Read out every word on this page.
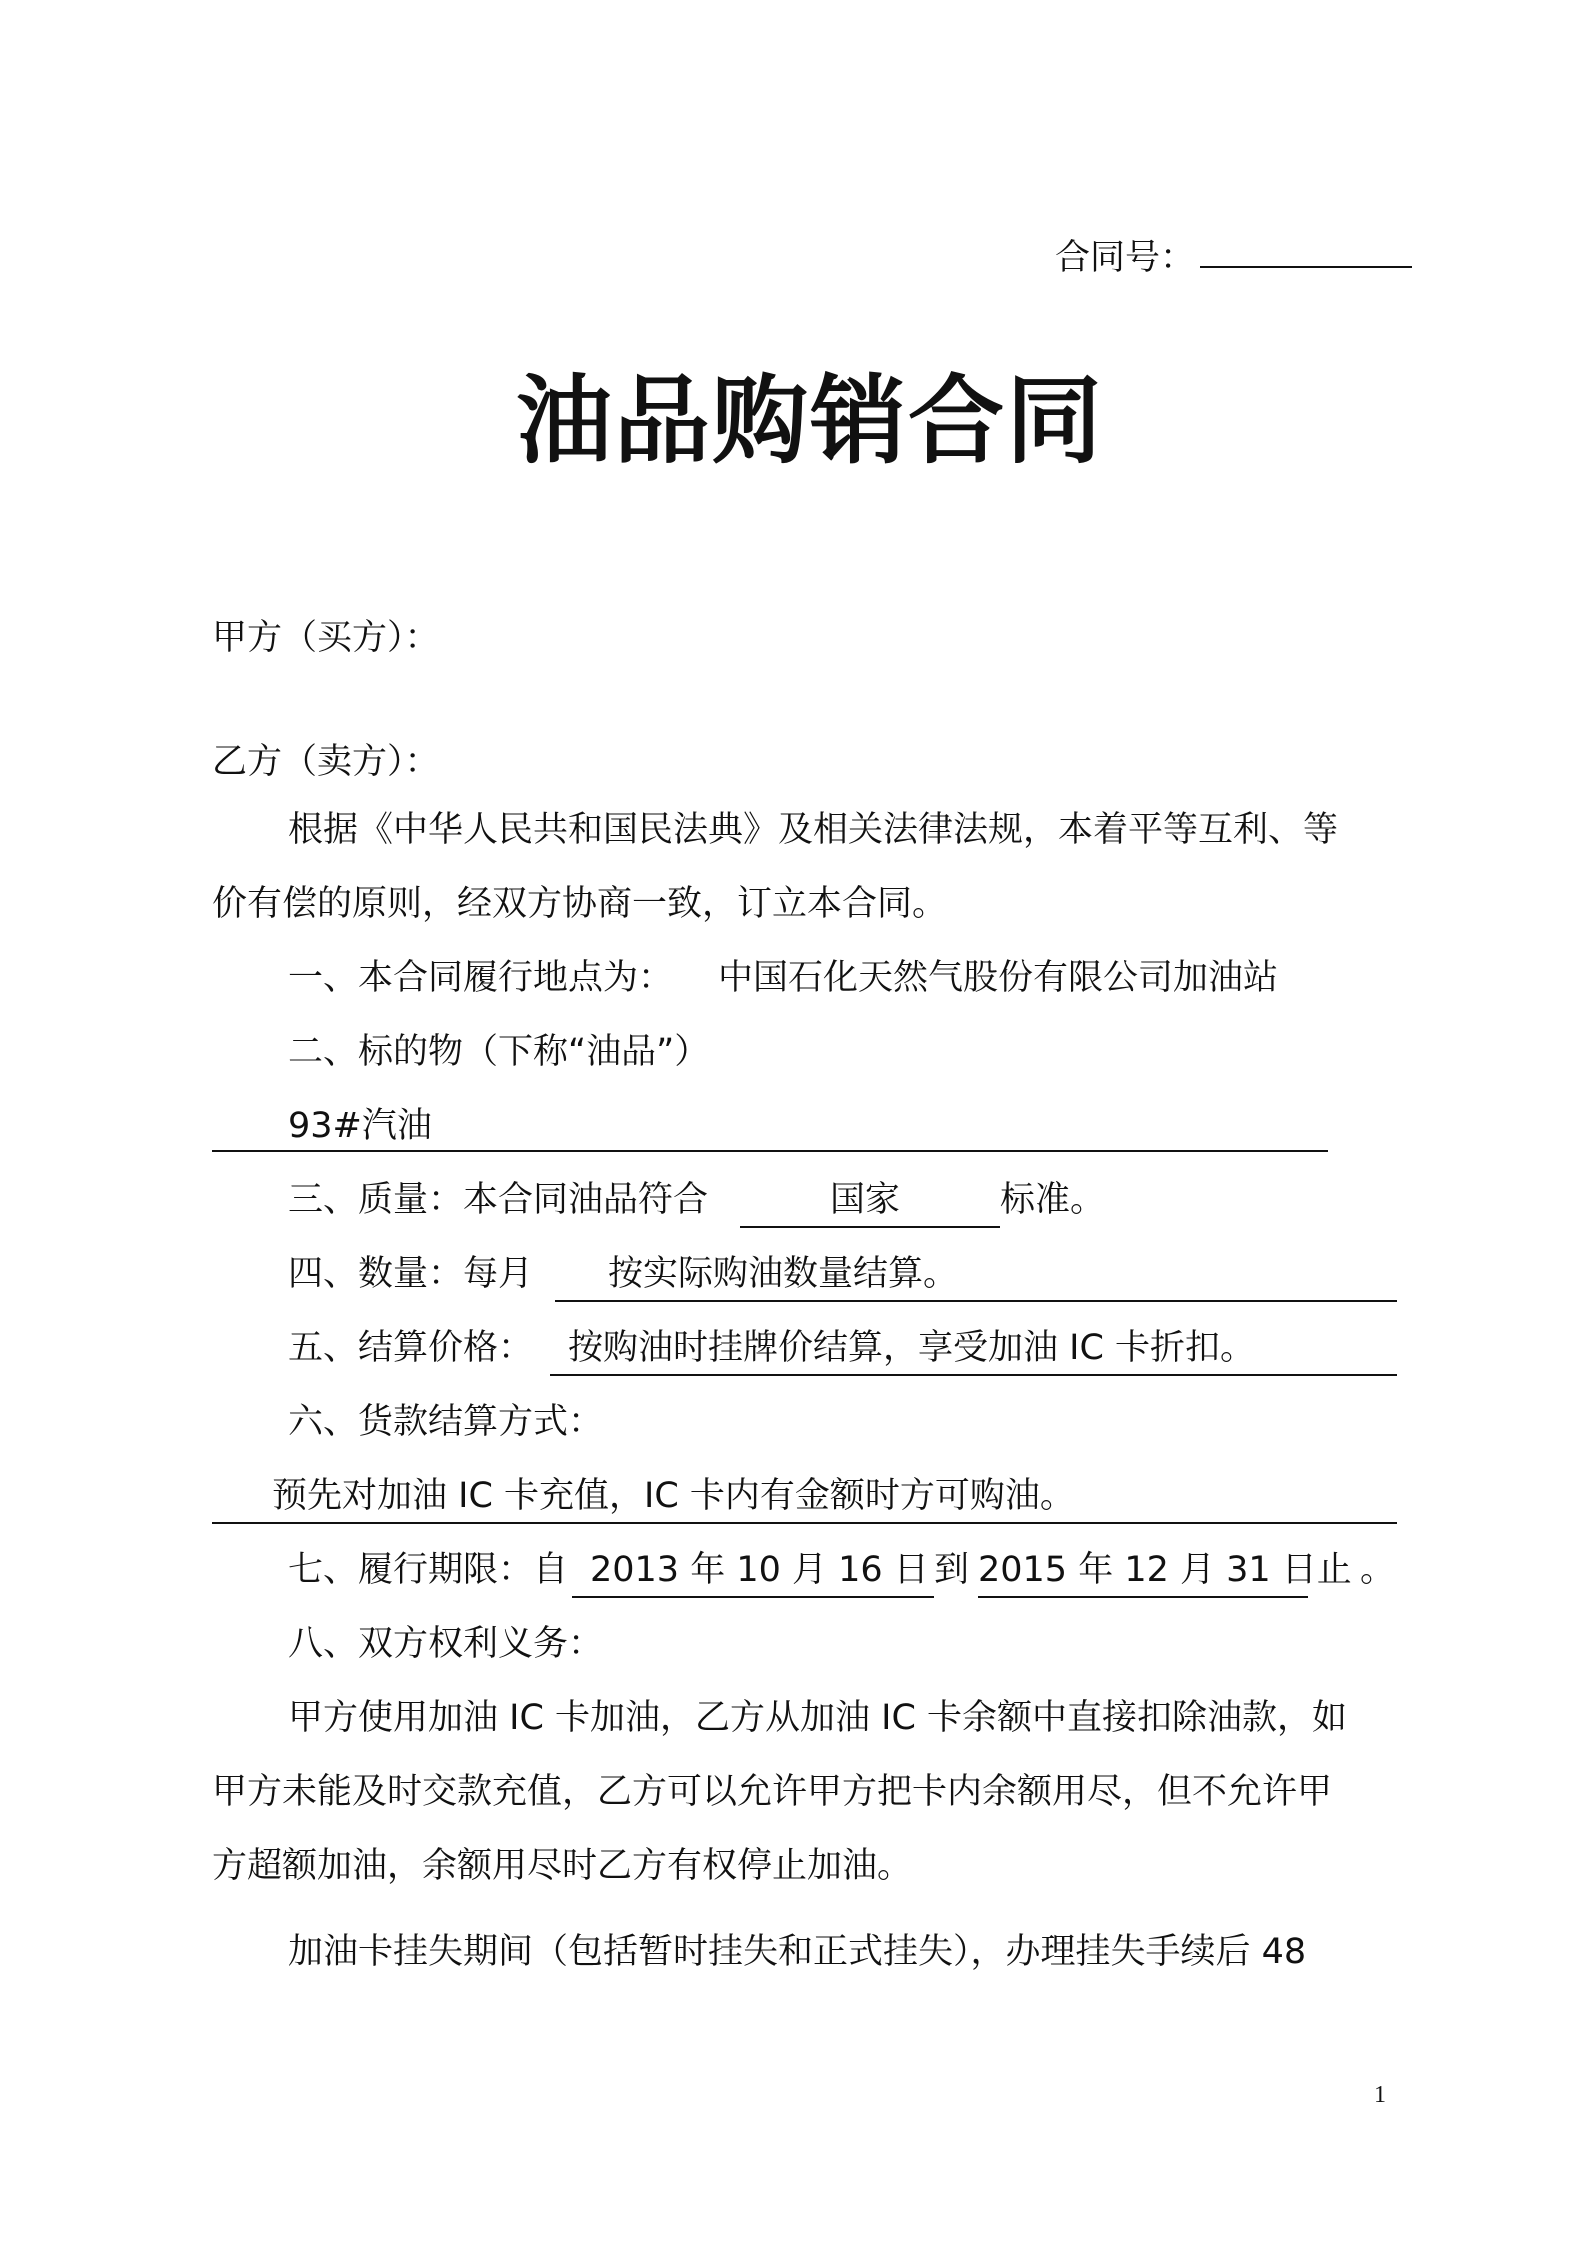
合同号：
油品购销合同
甲方（买方）：
乙方（卖方）：
根据《中华人民共和国民法典》及相关法律法规，本着平等互利、等
价有偿的原则，经双方协商一致，订立本合同。
一、本合同履行地点为： 中国石化天然气股份有限公司加油站
二、标的物（下称“油品”）
93#汽油
三、质量：本合同油品符合	国家	标准。
四、数量：每月 按实际购油数量结算。
五、结算价格： 按购油时挂牌价结算，享受加油 IC 卡折扣。
六、货款结算方式：
预先对加油 IC 卡充值，IC 卡内有金额时方可购油。
七、履行期限：自 2013 年 10 月 16 日 到 2015 年 12 月 31 日止 。
八、双方权利义务：
甲方使用加油 IC 卡加油，乙方从加油 IC 卡余额中直接扣除油款，如
甲方未能及时交款充值，乙方可以允许甲方把卡内余额用尽，但不允许甲
方超额加油，余额用尽时乙方有权停止加油。
加油卡挂失期间（包括暂时挂失和正式挂失），办理挂失手续后 48
1
